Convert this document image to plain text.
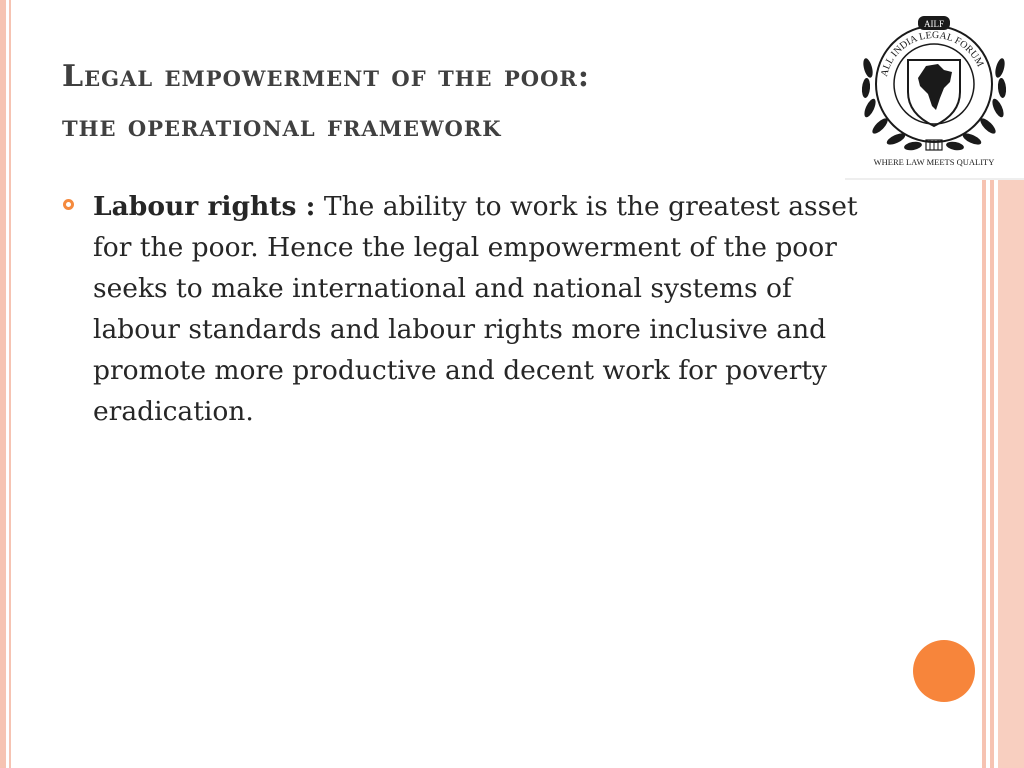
Legal empowerment of the poor:
the operational framework
Labour rights : The ability to work is the greatest asset for the poor. Hence the legal empowerment of the poor seeks to make international and national systems of labour standards and labour rights more inclusive and promote more productive and decent work for poverty eradication.
ALL INDIA LEGAL FORUM
AILF
WHERE LAW MEETS QUALITY
